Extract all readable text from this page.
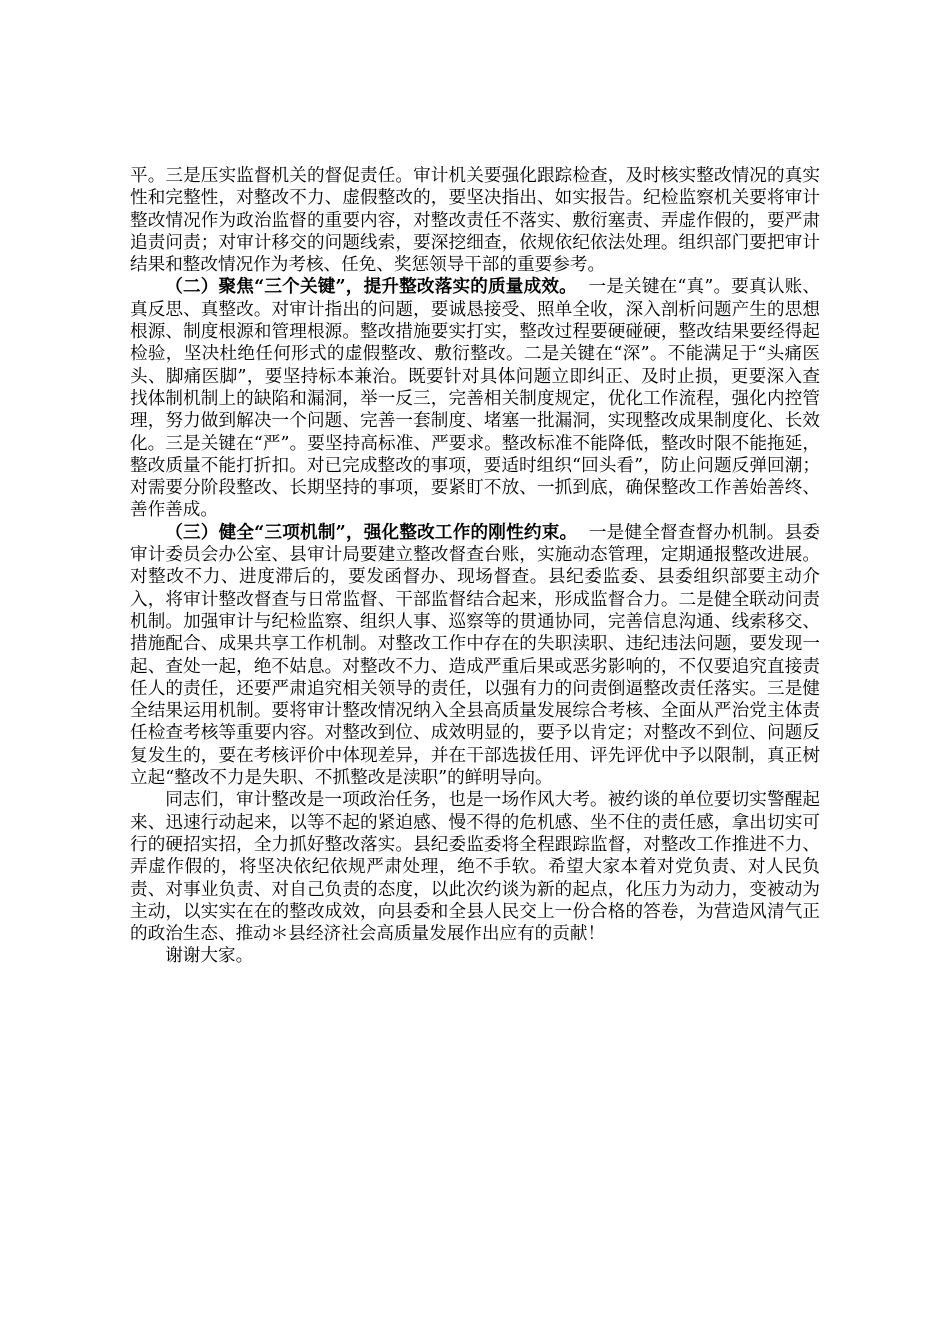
平。三是压实监督机关的督促责任。审计机关要强化跟踪检查，及时核实整改情况的真实性和完整性，对整改不力、虚假整改的，要坚决指出、如实报告。纪检监察机关要将审计整改情况作为政治监督的重要内容，对整改责任不落实、敷衍塞责、弄虚作假的，要严肃追责问责；对审计移交的问题线索，要深挖细查，依规依纪依法处理。组织部门要把审计结果和整改情况作为考核、任免、奖惩领导干部的重要参考。

（二）聚焦“三个关键”，提升整改落实的质量成效。 一是关键在“真”。要真认账、真反思、真整改。对审计指出的问题，要诚恳接受、照单全收，深入剖析问题产生的思想根源、制度根源和管理根源。整改措施要实打实，整改过程要硬碰硬，整改结果要经得起检验，坚决杜绝任何形式的虚假整改、敷衍整改。二是关键在“深”。不能满足于“头痛医头、脚痛医脚”，要坚持标本兼治。既要针对具体问题立即纠正、及时止损，更要深入查找体制机制上的缺陷和漏洞，举一反三，完善相关制度规定，优化工作流程，强化内控管理，努力做到解决一个问题、完善一套制度、堵塞一批漏洞，实现整改成果制度化、长效化。三是关键在“严”。要坚持高标准、严要求。整改标准不能降低，整改时限不能拖延，整改质量不能打折扣。对已完成整改的事项，要适时组织“回头看”，防止问题反弹回潮；对需要分阶段整改、长期坚持的事项，要紧盯不放、一抓到底，确保整改工作善始善终、善作善成。

（三）健全“三项机制”，强化整改工作的刚性约束。 一是健全督查督办机制。县委审计委员会办公室、县审计局要建立整改督查台账，实施动态管理，定期通报整改进展。对整改不力、进度滞后的，要发函督办、现场督查。县纪委监委、县委组织部要主动介入，将审计整改督查与日常监督、干部监督结合起来，形成监督合力。二是健全联动问责机制。加强审计与纪检监察、组织人事、巡察等的贯通协同，完善信息沟通、线索移交、措施配合、成果共享工作机制。对整改工作中存在的失职渎职、违纪违法问题，要发现一起、查处一起，绝不姑息。对整改不力、造成严重后果或恶劣影响的，不仅要追究直接责任人的责任，还要严肃追究相关领导的责任，以强有力的问责倒逼整改责任落实。三是健全结果运用机制。要将审计整改情况纳入全县高质量发展综合考核、全面从严治党主体责任检查考核等重要内容。对整改到位、成效明显的，要予以肯定；对整改不到位、问题反复发生的，要在考核评价中体现差异，并在干部选拔任用、评先评优中予以限制，真正树立起“整改不力是失职、不抓整改是渎职”的鲜明导向。

同志们，审计整改是一项政治任务，也是一场作风大考。被约谈的单位要切实警醒起来、迅速行动起来，以等不起的紧迫感、慢不得的危机感、坐不住的责任感，拿出切实可行的硬招实招，全力抓好整改落实。县纪委监委将全程跟踪监督，对整改工作推进不力、弄虚作假的，将坚决依纪依规严肃处理，绝不手软。希望大家本着对党负责、对人民负责、对事业负责、对自己负责的态度，以此次约谈为新的起点，化压力为动力，变被动为主动，以实实在在的整改成效，向县委和全县人民交上一份合格的答卷，为营造风清气正的政治生态、推动＊县经济社会高质量发展作出应有的贡献！

谢谢大家。
